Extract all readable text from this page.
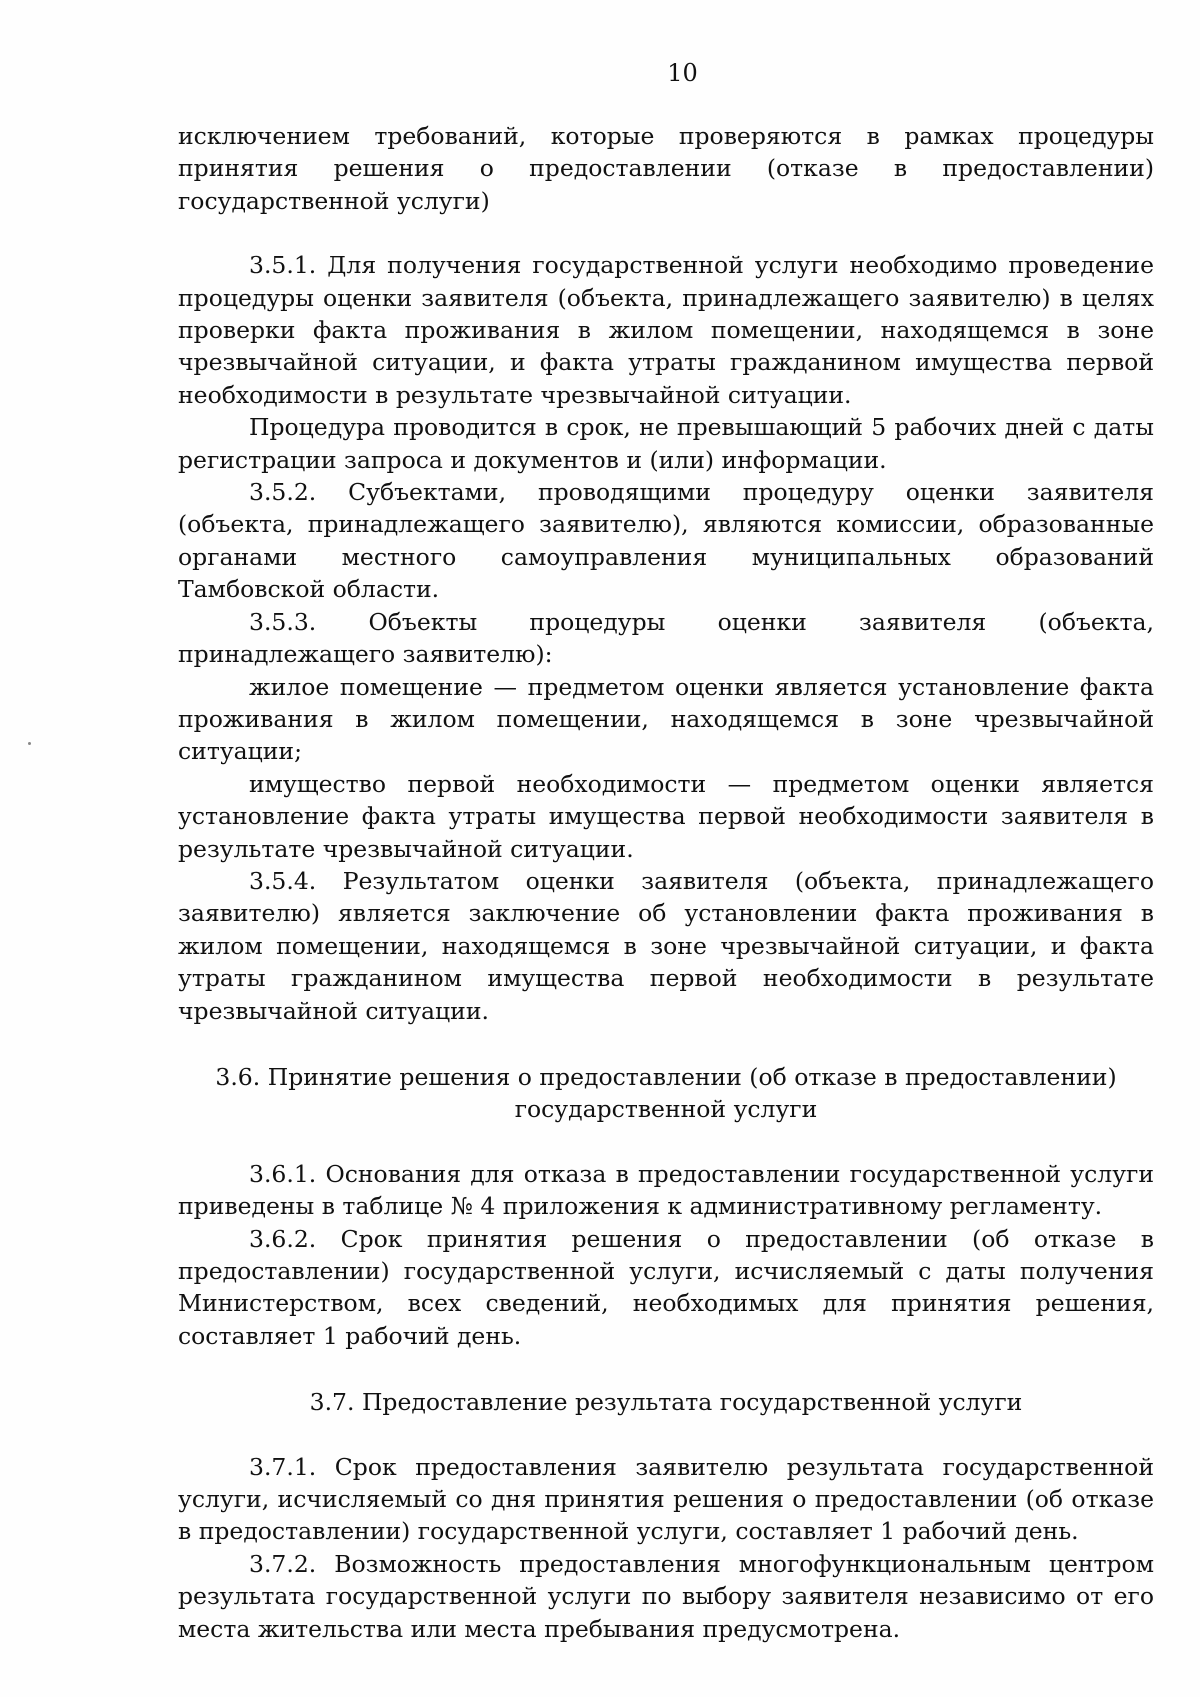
10

исключением требований, которые проверяются в рамках процедуры принятия решения о предоставлении (отказе в предоставлении) государственной услуги)

3.5.1. Для получения государственной услуги необходимо проведение процедуры оценки заявителя (объекта, принадлежащего заявителю) в целях проверки факта проживания в жилом помещении, находящемся в зоне чрезвычайной ситуации, и факта утраты гражданином имущества первой необходимости в результате чрезвычайной ситуации.

Процедура проводится в срок, не превышающий 5 рабочих дней с даты регистрации запроса и документов и (или) информации.

3.5.2. Субъектами, проводящими процедуру оценки заявителя (объекта, принадлежащего заявителю), являются комиссии, образованные органами местного самоуправления муниципальных образований Тамбовской области.

3.5.3. Объекты процедуры оценки заявителя (объекта, принадлежащего заявителю):

жилое помещение — предметом оценки является установление факта проживания в жилом помещении, находящемся в зоне чрезвычайной ситуации;

имущество первой необходимости — предметом оценки является установление факта утраты имущества первой необходимости заявителя в результате чрезвычайной ситуации.

3.5.4. Результатом оценки заявителя (объекта, принадлежащего заявителю) является заключение об установлении факта проживания в жилом помещении, находящемся в зоне чрезвычайной ситуации, и факта утраты гражданином имущества первой необходимости в результате чрезвычайной ситуации.

3.6. Принятие решения о предоставлении (об отказе в предоставлении) государственной услуги

3.6.1. Основания для отказа в предоставлении государственной услуги приведены в таблице № 4 приложения к административному регламенту.

3.6.2. Срок принятия решения о предоставлении (об отказе в предоставлении) государственной услуги, исчисляемый с даты получения Министерством, всех сведений, необходимых для принятия решения, составляет 1 рабочий день.

3.7. Предоставление результата государственной услуги

3.7.1. Срок предоставления заявителю результата государственной услуги, исчисляемый со дня принятия решения о предоставлении (об отказе в предоставлении) государственной услуги, составляет 1 рабочий день.

3.7.2. Возможность предоставления многофункциональным центром результата государственной услуги по выбору заявителя независимо от его места жительства или места пребывания предусмотрена.
